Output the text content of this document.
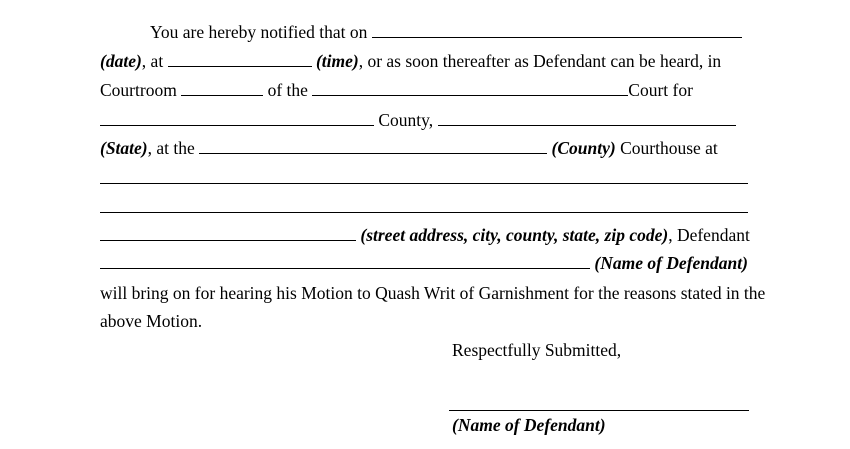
You are hereby notified that on
(date), at	(time), or as soon thereafter as Defendant can be heard, in
Courtroom	of the	Court for
County,
(State), at the	(County) Courthouse at
(street address, city, county, state, zip code), Defendant
(Name of Defendant)
will bring on for hearing his Motion to Quash Writ of Garnishment for the reasons stated in the
above Motion.
Respectfully Submitted,
(Name of Defendant)
